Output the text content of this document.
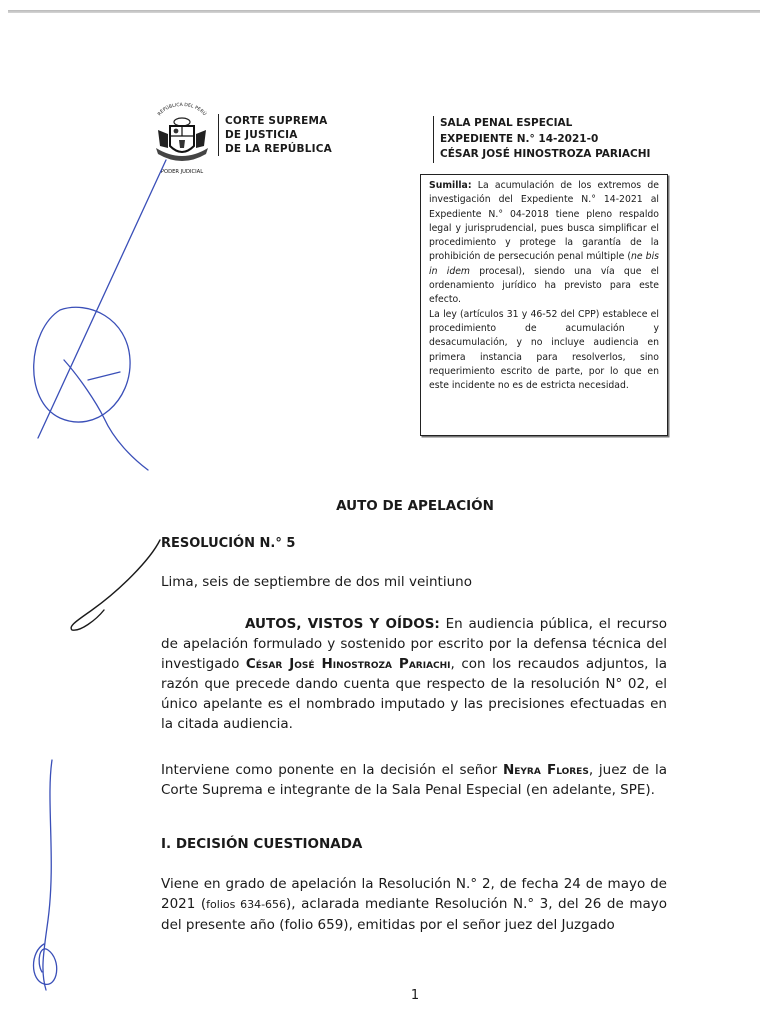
REPÚBLICA DEL PERÚ
PODER JUDICIAL
CORTE SUPREMA
DE JUSTICIA
DE LA REPÚBLICA
SALA PENAL ESPECIAL
EXPEDIENTE N.° 14-2021-0
CÉSAR JOSÉ HINOSTROZA PARIACHI

Sumilla: La acumulación de los extremos de investigación del Expediente N.° 14-2021 al Expediente N.° 04-2018 tiene pleno respaldo legal y jurisprudencial, pues busca simplificar el procedimiento y protege la garantía de la prohibición de persecución penal múltiple (ne bis in idem procesal), siendo una vía que el ordenamiento jurídico ha previsto para este efecto.

La ley (artículos 31 y 46-52 del CPP) establece el procedimiento de acumulación y desacumulación, y no incluye audiencia en primera instancia para resolverlos, sino requerimiento escrito de parte, por lo que en este incidente no es de estricta necesidad.

AUTO DE APELACIÓN
RESOLUCIÓN N.° 5
Lima, seis de septiembre de dos mil veintiuno

AUTOS, VISTOS Y OÍDOS: En audiencia pública, el recurso de apelación formulado y sostenido por escrito por la defensa técnica del investigado César José Hinostroza Pariachi, con los recaudos adjuntos, la razón que precede dando cuenta que respecto de la resolución N° 02, el único apelante es el nombrado imputado y las precisiones efectuadas en la citada audiencia.

Interviene como ponente en la decisión el señor Neyra Flores, juez de la Corte Suprema e integrante de la Sala Penal Especial (en adelante, SPE).

I. DECISIÓN CUESTIONADA

Viene en grado de apelación la Resolución N.° 2, de fecha 24 de mayo de 2021 (folios 634-656), aclarada mediante Resolución N.° 3, del 26 de mayo del presente año (folio 659), emitidas por el señor juez del Juzgado

1
